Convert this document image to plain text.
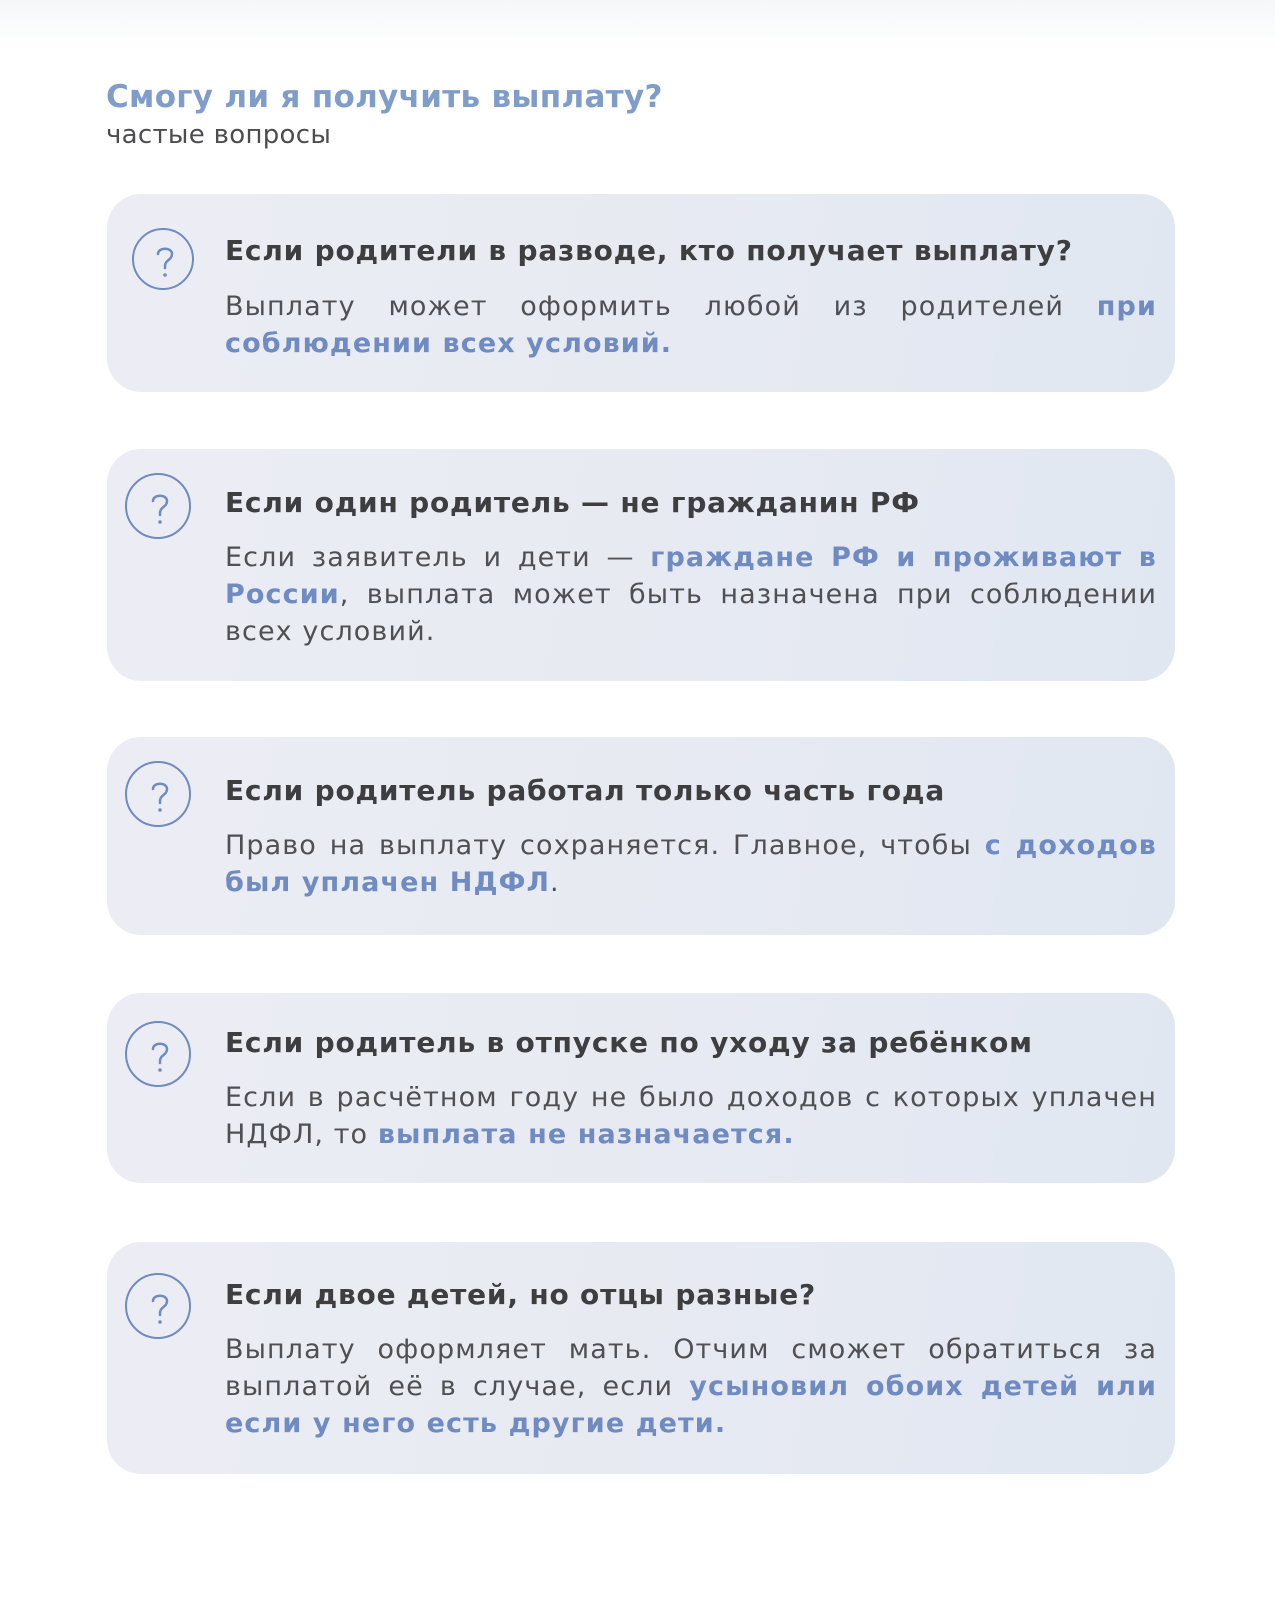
Смогу ли я получить выплату?
частые вопросы
Если родители в разводе, кто получает выплату?
Выплату может оформить любой из родителей при соблюдении всех условий.
Если один родитель — не гражданин РФ
Если заявитель и дети — граждане РФ и проживают в России, выплата может быть назначена при соблюдении всех условий.
Если родитель работал только часть года
Право на выплату сохраняется. Главное, чтобы с доходов был уплачен НДФЛ.
Если родитель в отпуске по уходу за ребёнком
Если в расчётном году не было доходов с которых уплачен НДФЛ, то выплата не назначается.
Если двое детей, но отцы разные?
Выплату оформляет мать. Отчим сможет обратиться за выплатой её в случае, если усыновил обоих детей или если у него есть другие дети.
